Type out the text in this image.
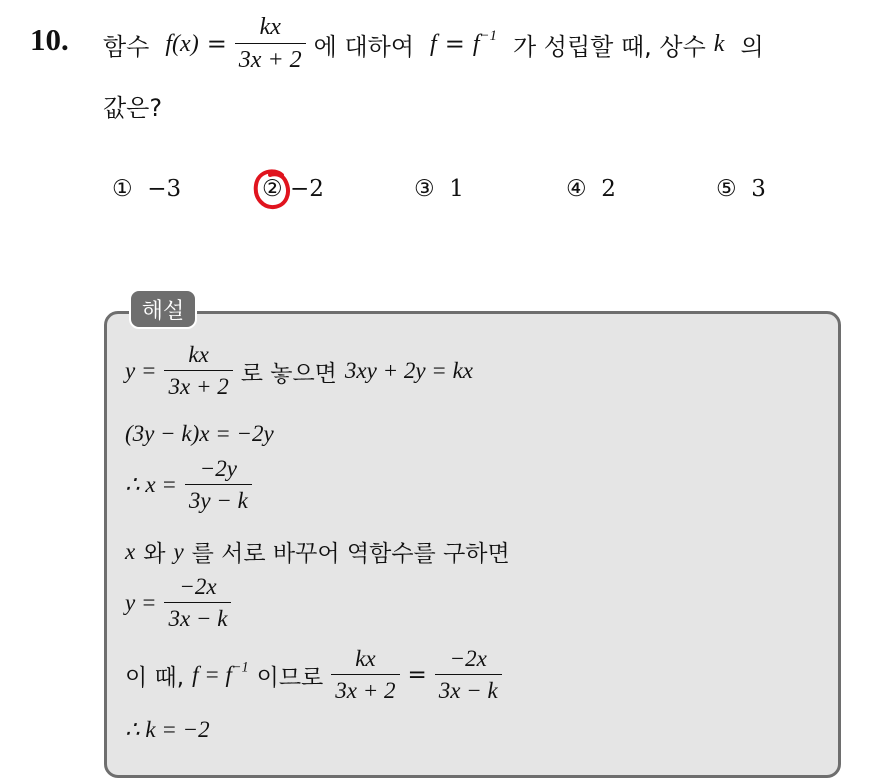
10. 함수 $f(x) = \frac{kx}{3x + 2}$ 에 대하여 $f = f^{-1}$ 가 성립할 때, 상수 k 의
값은?
① −3	② −2	③ 1	④ 2	⑤ 3
해설
$y = \frac{kx}{3x + 2}$ 로 놓으면 3xy + 2y = kx
(3y − k)x = −2y
∴ $x = \frac{-2y}{3y - k}$
x 와 y 를 서로 바꾸어 역함수를 구하면
$y = \frac{-2x}{3x - k}$
이 때, $f = f^{-1}$ 이므로 $\frac{kx}{3x + 2} = \frac{-2x}{3x - k}$
∴ k = −2
